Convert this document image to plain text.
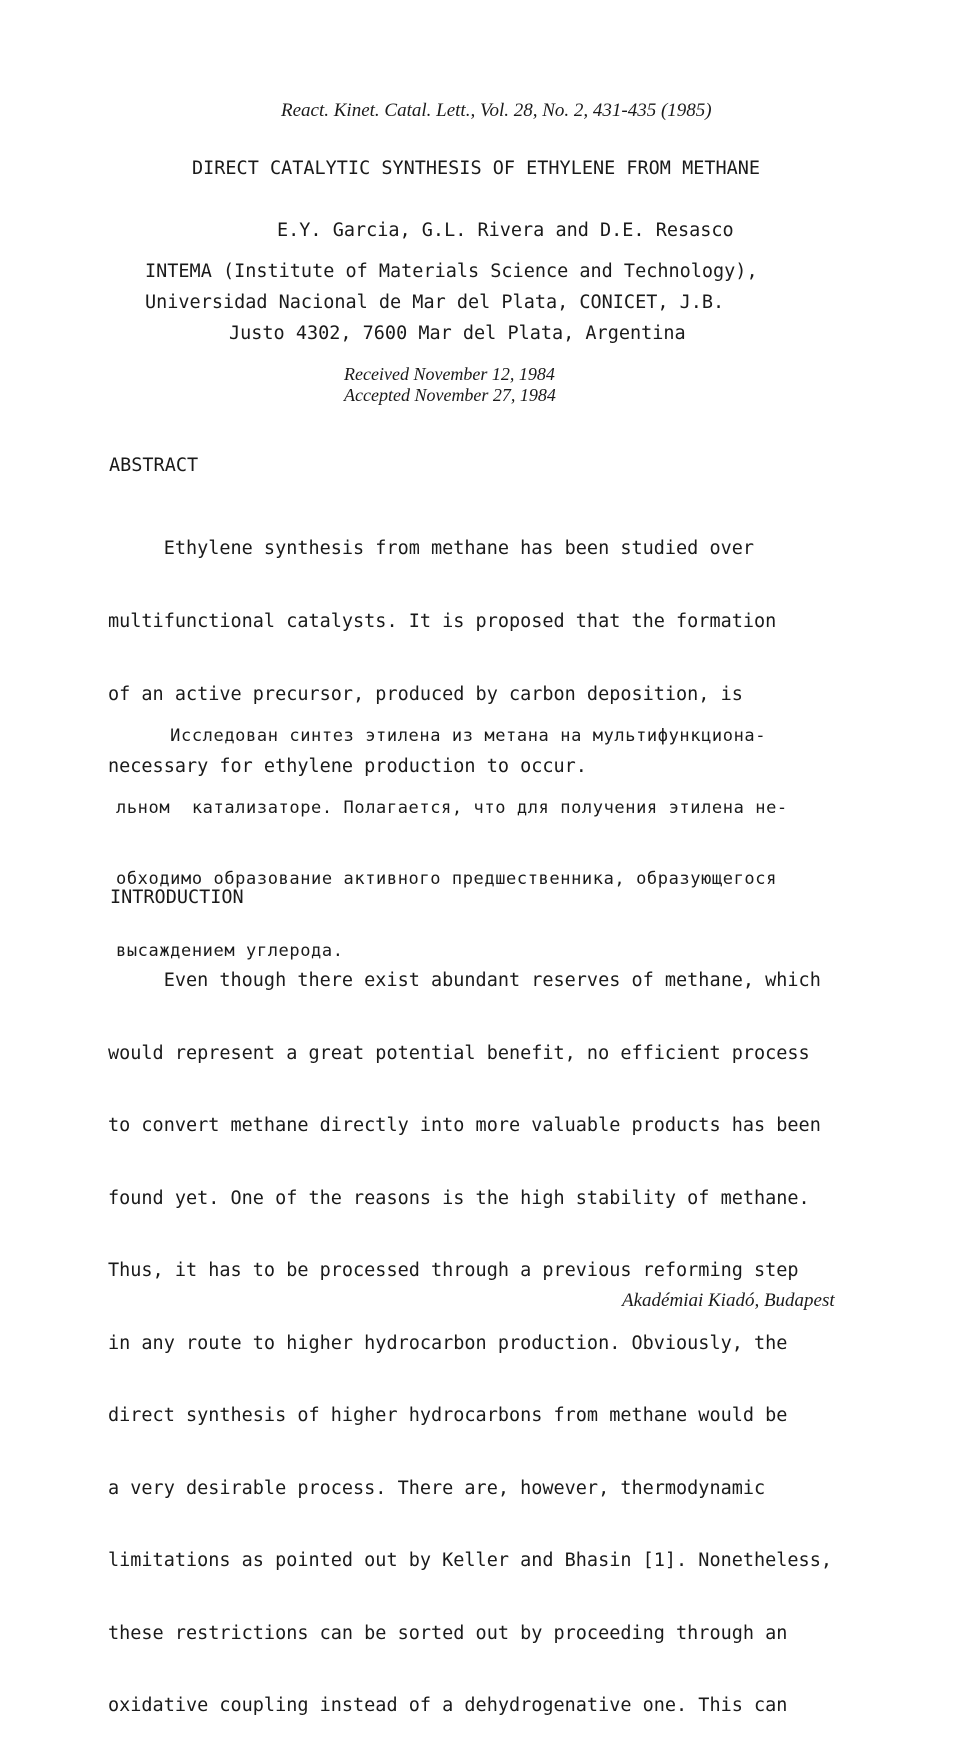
React. Kinet. Catal. Lett., Vol. 28, No. 2, 431-435 (1985)
DIRECT CATALYTIC SYNTHESIS OF ETHYLENE FROM METHANE
E.Y. Garcia, G.L. Rivera and D.E. Resasco
INTEMA (Institute of Materials Science and Technology),
Universidad Nacional de Mar del Plata, CONICET, J.B.
Justo 4302, 7600 Mar del Plata, Argentina
Received November 12, 1984
Accepted November 27, 1984
ABSTRACT

Ethylene synthesis from methane has been studied over

multifunctional catalysts. It is proposed that the formation

of an active precursor, produced by carbon deposition, is

necessary for ethylene production to occur.

Исследован синтез этилена из метана на мультифункциона-

льном  катализаторе. Полагается, что для получения этилена не-

обходимо образование активного предшественника, образующегося

высаждением углерода.

INTRODUCTION

Even though there exist abundant reserves of methane, which

would represent a great potential benefit, no efficient process

to convert methane directly into more valuable products has been

found yet. One of the reasons is the high stability of methane.

Thus, it has to be processed through a previous reforming step

in any route to higher hydrocarbon production. Obviously, the

direct synthesis of higher hydrocarbons from methane would be

a very desirable process. There are, however, thermodynamic

limitations as pointed out by Keller and Bhasin [1]. Nonetheless,

these restrictions can be sorted out by proceeding through an

oxidative coupling instead of a dehydrogenative one. This can

Akadémiai Kiadó, Budapest
